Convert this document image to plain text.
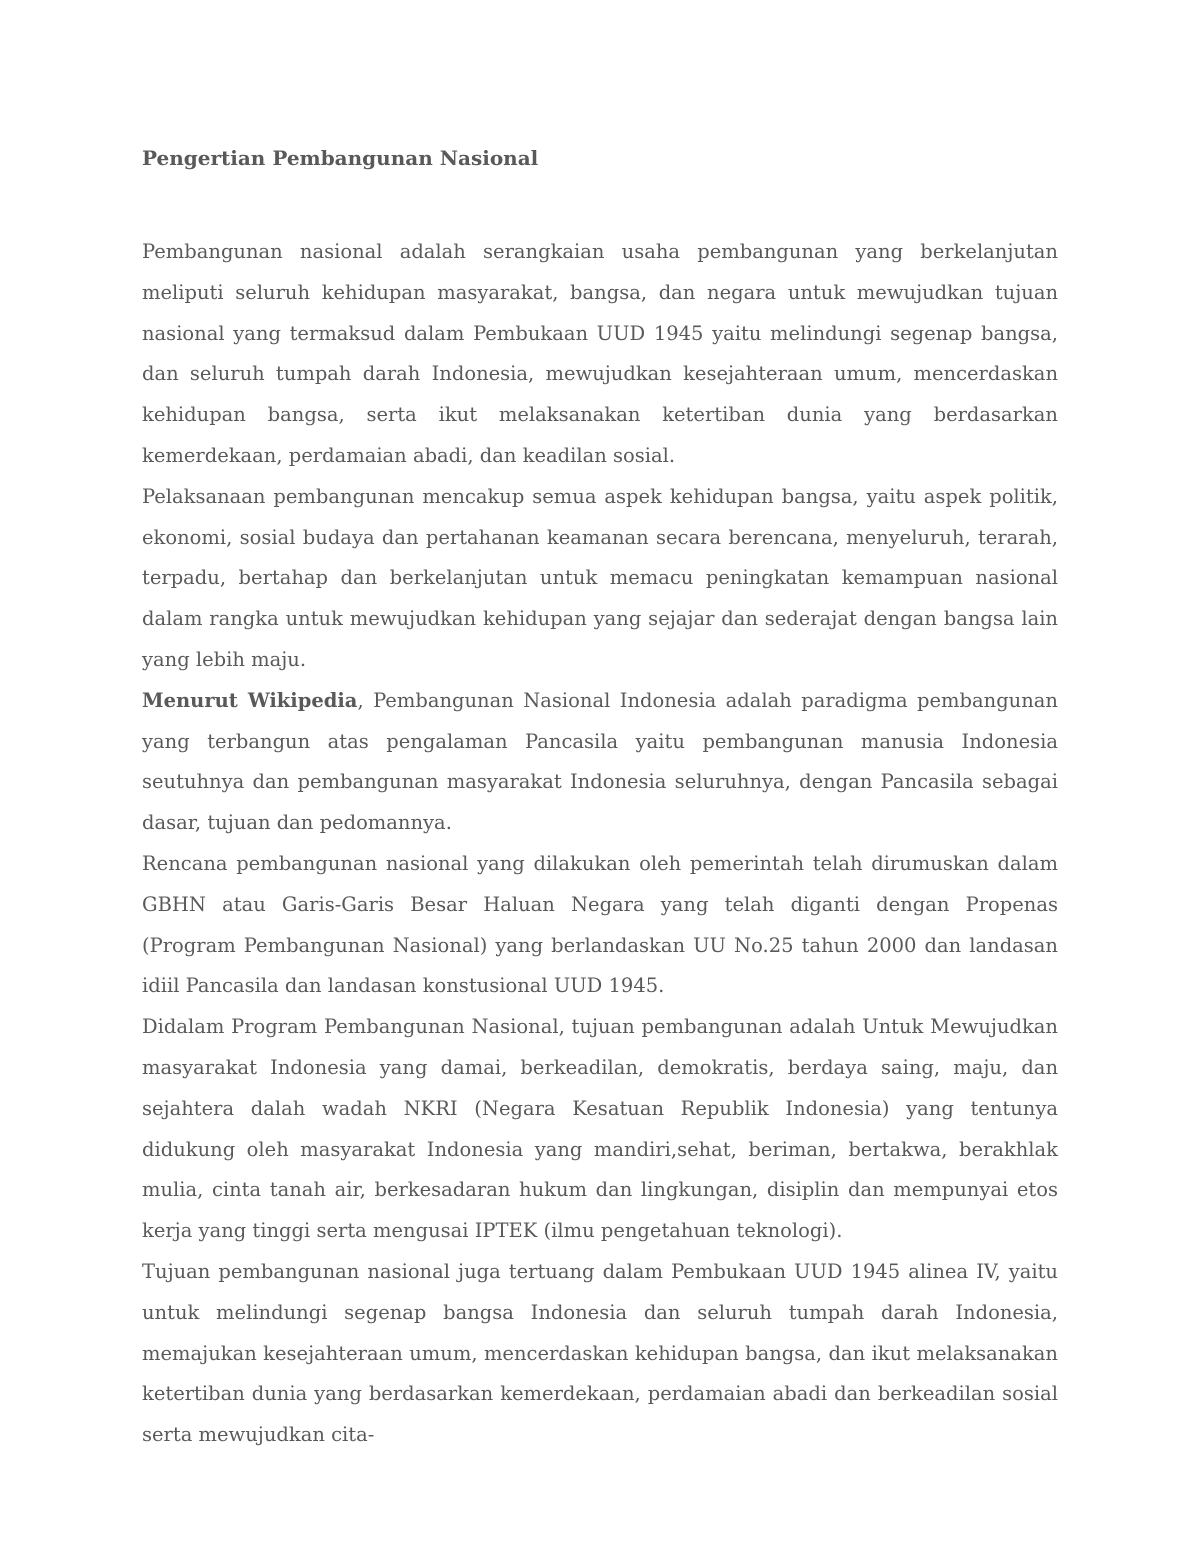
Pengertian Pembangunan Nasional

Pembangunan nasional adalah serangkaian usaha pembangunan yang berkelanjutan meliputi seluruh kehidupan masyarakat, bangsa, dan negara untuk mewujudkan tujuan nasional yang termaksud dalam Pembukaan UUD 1945 yaitu melindungi segenap bangsa, dan seluruh tumpah darah Indonesia, mewujudkan kesejahteraan umum, mencerdaskan kehidupan bangsa, serta ikut melaksanakan ketertiban dunia yang berdasarkan kemerdekaan, perdamaian abadi, dan keadilan sosial.

Pelaksanaan pembangunan mencakup semua aspek kehidupan bangsa, yaitu aspek politik, ekonomi, sosial budaya dan pertahanan keamanan secara berencana, menyeluruh, terarah, terpadu, bertahap dan berkelanjutan untuk memacu peningkatan kemampuan nasional dalam rangka untuk mewujudkan kehidupan yang sejajar dan sederajat dengan bangsa lain yang lebih maju.

Menurut Wikipedia, Pembangunan Nasional Indonesia adalah paradigma pembangunan yang terbangun atas pengalaman Pancasila yaitu pembangunan manusia Indonesia seutuhnya dan pembangunan masyarakat Indonesia seluruhnya, dengan Pancasila sebagai dasar, tujuan dan pedomannya.

Rencana pembangunan nasional yang dilakukan oleh pemerintah telah dirumuskan dalam GBHN atau Garis-Garis Besar Haluan Negara yang telah diganti dengan Propenas (Program Pembangunan Nasional) yang berlandaskan UU No.25 tahun 2000 dan landasan idiil Pancasila dan landasan konstusional UUD 1945.

Didalam Program Pembangunan Nasional, tujuan pembangunan adalah Untuk Mewujudkan masyarakat Indonesia yang damai, berkeadilan, demokratis, berdaya saing, maju, dan sejahtera dalah wadah NKRI (Negara Kesatuan Republik Indonesia) yang tentunya didukung oleh masyarakat Indonesia yang mandiri,sehat, beriman, bertakwa, berakhlak mulia, cinta tanah air, berkesadaran hukum dan lingkungan, disiplin dan mempunyai etos kerja yang tinggi serta mengusai IPTEK (ilmu pengetahuan teknologi).

Tujuan pembangunan nasional juga tertuang dalam Pembukaan UUD 1945 alinea IV, yaitu untuk melindungi segenap bangsa Indonesia dan seluruh tumpah darah Indonesia, memajukan kesejahteraan umum, mencerdaskan kehidupan bangsa, dan ikut melaksanakan ketertiban dunia yang berdasarkan kemerdekaan, perdamaian abadi dan berkeadilan sosial serta mewujudkan cita-
